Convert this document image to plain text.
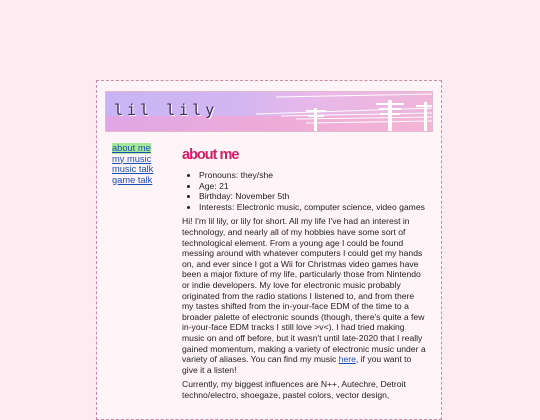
lil lily
about me
my music
music talk
game talk
about me
• Pronouns: they/she
• Age: 21
• Birthday: November 5th
• Interests: Electronic music, computer science, video games

Hi! I'm lil lily, or lily for short. All my life I've had an interest in technology, and nearly all of my hobbies have some sort of technological element. From a young age I could be found messing around with whatever computers I could get my hands on, and ever since I got a Wii for Christmas video games have been a major fixture of my life, particularly those from Nintendo or indie developers. My love for electronic music probably originated from the radio stations I listened to, and from there my tastes shifted from the in-your-face EDM of the time to a broader palette of electronic sounds (though, there's quite a few in-your-face EDM tracks I still love >v<). I had tried making music on and off before, but it wasn't until late-2020 that I really gained momentum, making a variety of electronic music under a variety of aliases. You can find my music here, if you want to give it a listen!

Currently, my biggest influences are N++, Autechre, Detroit techno/electro, shoegaze, pastel colors, vector design,
